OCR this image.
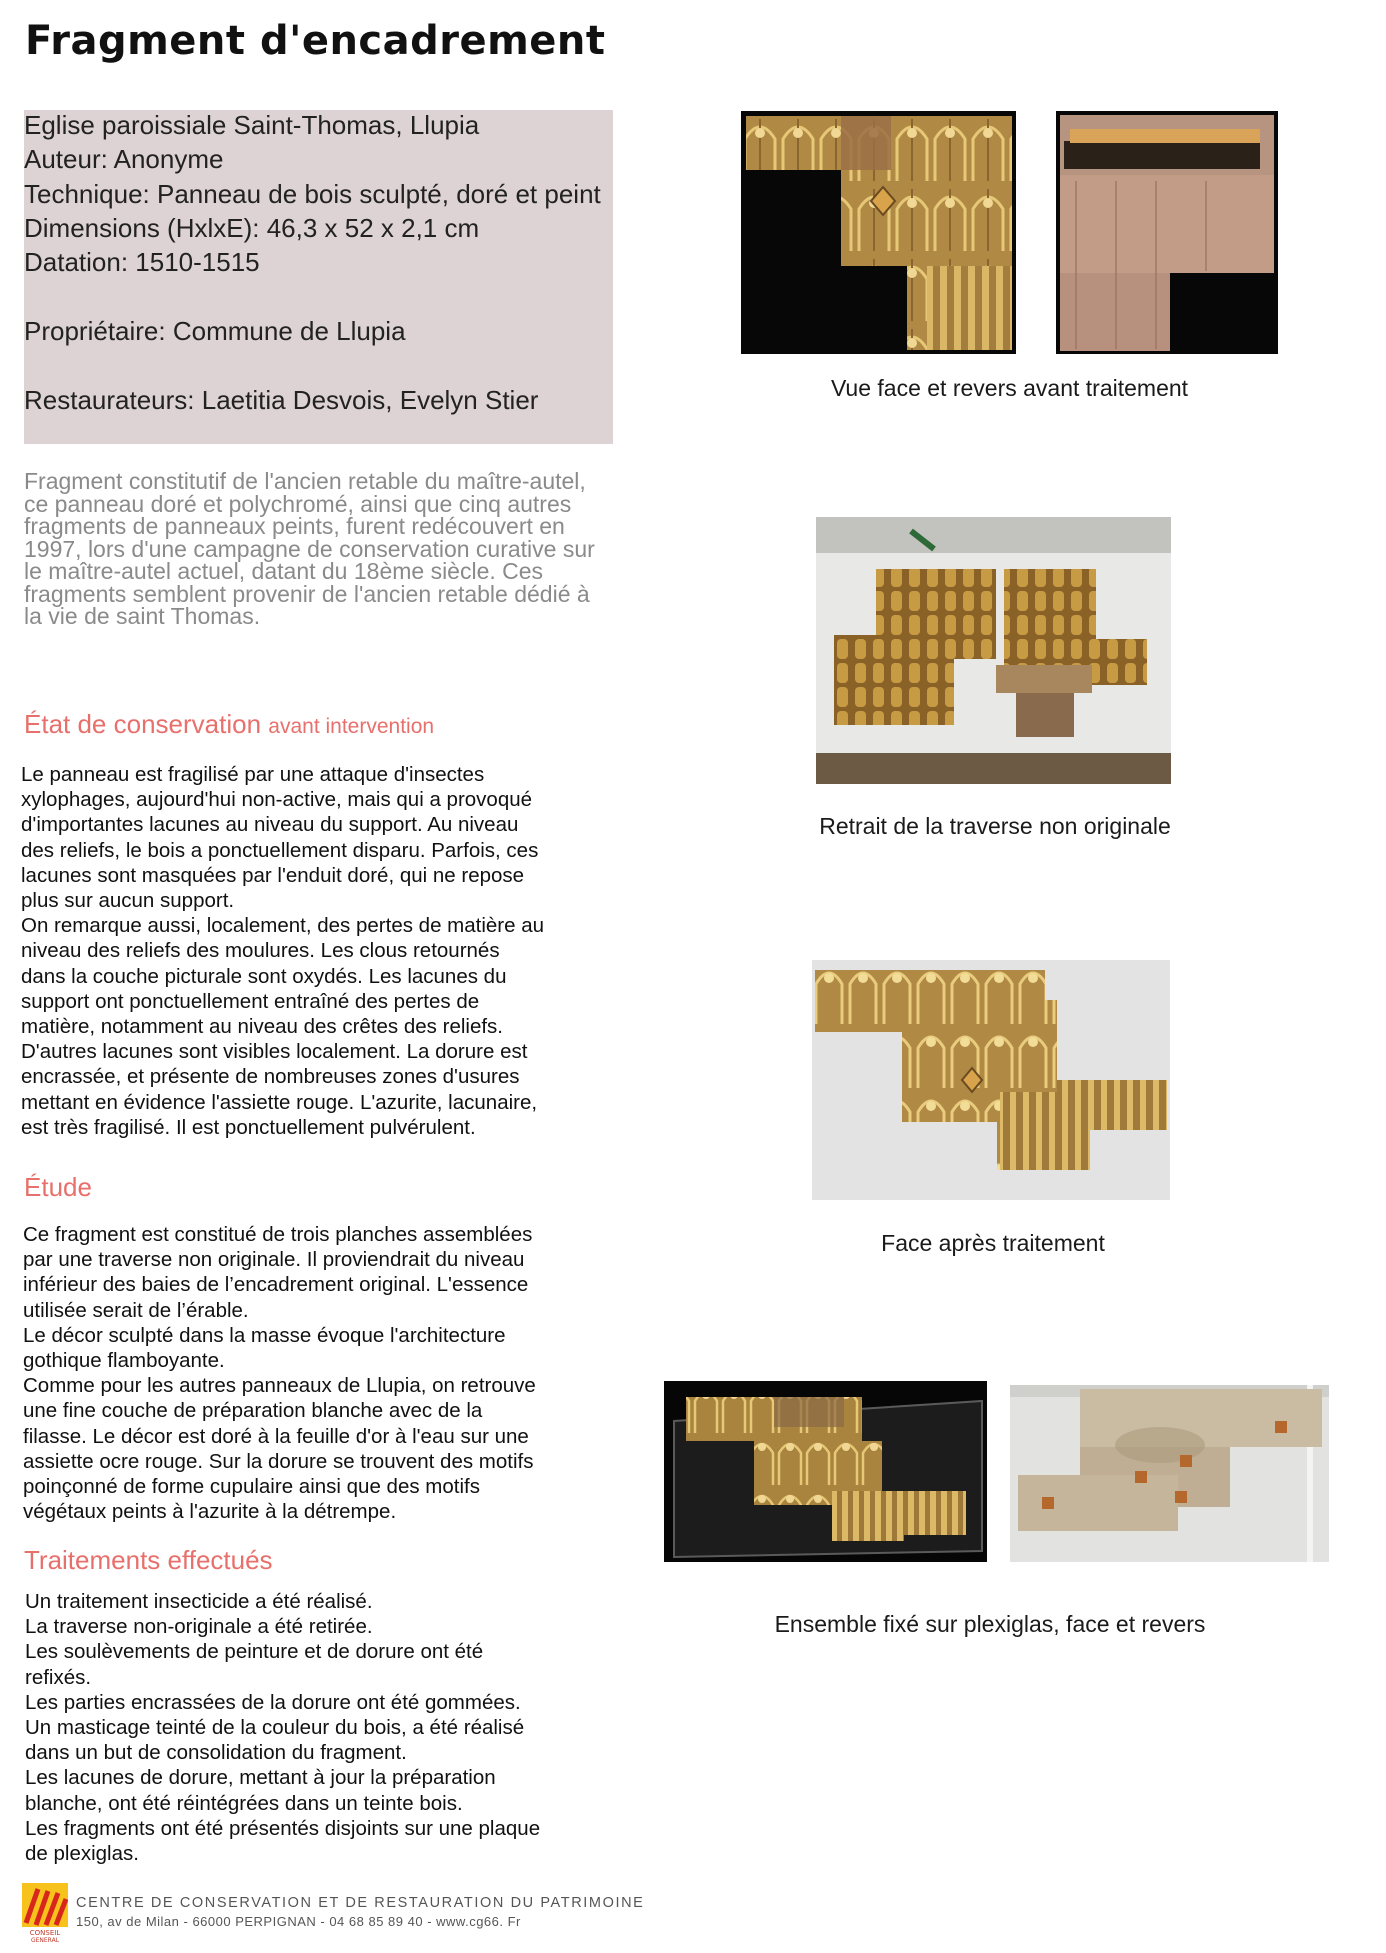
Fragment d'encadrement
Eglise paroissiale Saint-Thomas, Llupia
Auteur: Anonyme
Technique: Panneau de bois sculpté, doré et peint
Dimensions (HxlxE): 46,3 x 52 x 2,1 cm
Datation: 1510-1515
Propriétaire: Commune de Llupia
Restaurateurs: Laetitia Desvois, Evelyn Stier
Fragment constitutif de l'ancien retable du maître-autel, ce panneau doré et polychromé, ainsi que cinq autres fragments de panneaux peints, furent redécouvert en 1997, lors d'une campagne de conservation curative sur le maître-autel actuel, datant du 18ème siècle. Ces fragments semblent provenir de l'ancien retable dédié à la vie de saint Thomas.
État de conservation avant intervention
Le panneau est fragilisé par une attaque d'insectes
xylophages, aujourd'hui non-active, mais qui a provoqué
d'importantes lacunes au niveau du support. Au niveau
des reliefs, le bois a ponctuellement disparu. Parfois, ces
lacunes sont masquées par l'enduit doré, qui ne repose
plus sur aucun support.
On remarque aussi, localement, des pertes de matière au
niveau des reliefs des moulures. Les clous retournés
dans la couche picturale sont oxydés. Les lacunes du
support ont ponctuellement entraîné des pertes de
matière, notamment au niveau des crêtes des reliefs.
D'autres lacunes sont visibles localement. La dorure est
encrassée, et présente de nombreuses zones d'usures
mettant en évidence l'assiette rouge. L'azurite, lacunaire,
est très fragilisé. Il est ponctuellement pulvérulent.
Étude
Ce fragment est constitué de trois planches assemblées
par une traverse non originale. Il proviendrait du niveau
inférieur des baies de l’encadrement original. L'essence
utilisée serait de l’érable.
Le décor sculpté dans la masse évoque l'architecture
gothique flamboyante.
Comme pour les autres panneaux de Llupia, on retrouve
une fine couche de préparation blanche avec de la
filasse. Le décor est doré à la feuille d'or à l'eau sur une
assiette ocre rouge. Sur la dorure se trouvent des motifs
poinçonné de forme cupulaire ainsi que des motifs
végétaux peints à l'azurite à la détrempe.
Traitements effectués
Un traitement insecticide a été réalisé.
La traverse non-originale a été retirée.
Les soulèvements de peinture et de dorure ont été
refixés.
Les parties encrassées de la dorure ont été gommées.
Un masticage teinté de la couleur du bois, a été réalisé
dans un but de consolidation du fragment.
Les lacunes de dorure, mettant à jour la préparation
blanche, ont été réintégrées dans un teinte bois.
Les fragments ont été présentés disjoints sur une plaque
de plexiglas.
Vue face et revers avant traitement
Retrait de la traverse non originale
Face après traitement
Ensemble fixé sur plexiglas, face et revers
CONSEIL
GENERAL
CENTRE DE CONSERVATION ET DE RESTAURATION DU PATRIMOINE
150, av de Milan - 66000 PERPIGNAN - 04 68 85 89 40 - www.cg66. Fr
